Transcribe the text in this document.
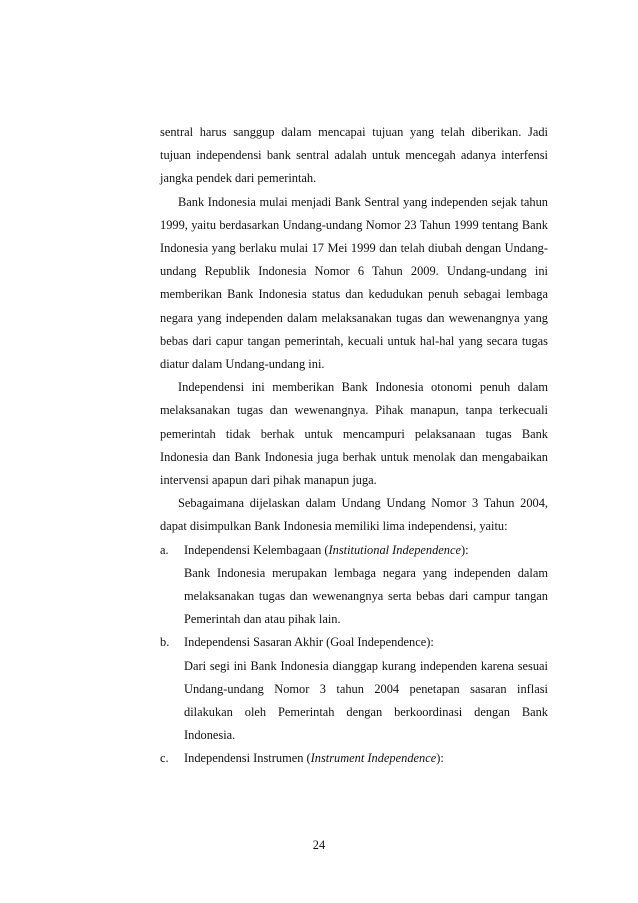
sentral harus sanggup dalam mencapai tujuan yang telah diberikan. Jadi tujuan independensi bank sentral adalah untuk mencegah adanya interfensi jangka pendek dari pemerintah.

Bank Indonesia mulai menjadi Bank Sentral yang independen sejak tahun 1999, yaitu berdasarkan Undang-undang Nomor 23 Tahun 1999 tentang Bank Indonesia yang berlaku mulai 17 Mei 1999 dan telah diubah dengan Undang-undang Republik Indonesia Nomor 6 Tahun 2009. Undang-undang ini memberikan Bank Indonesia status dan kedudukan penuh sebagai lembaga negara yang independen dalam melaksanakan tugas dan wewenangnya yang bebas dari capur tangan pemerintah, kecuali untuk hal-hal yang secara tugas diatur dalam Undang-undang ini.

Independensi ini memberikan Bank Indonesia otonomi penuh dalam melaksanakan tugas dan wewenangnya. Pihak manapun, tanpa terkecuali pemerintah tidak berhak untuk mencampuri pelaksanaan tugas Bank Indonesia dan Bank Indonesia juga berhak untuk menolak dan mengabaikan intervensi apapun dari pihak manapun juga.

Sebagaimana dijelaskan dalam Undang Undang Nomor 3 Tahun 2004, dapat disimpulkan Bank Indonesia memiliki lima independensi, yaitu:

a.	Independensi Kelembagaan (Institutional Independence):

Bank Indonesia merupakan lembaga negara yang independen dalam melaksanakan tugas dan wewenangnya serta bebas dari campur tangan Pemerintah dan atau pihak lain.

b.	Independensi Sasaran Akhir (Goal Independence):

Dari segi ini Bank Indonesia dianggap kurang independen karena sesuai Undang-undang Nomor 3 tahun 2004 penetapan sasaran inflasi dilakukan oleh Pemerintah dengan berkoordinasi dengan Bank Indonesia.

c.	Independensi Instrumen (Instrument Independence):

24
